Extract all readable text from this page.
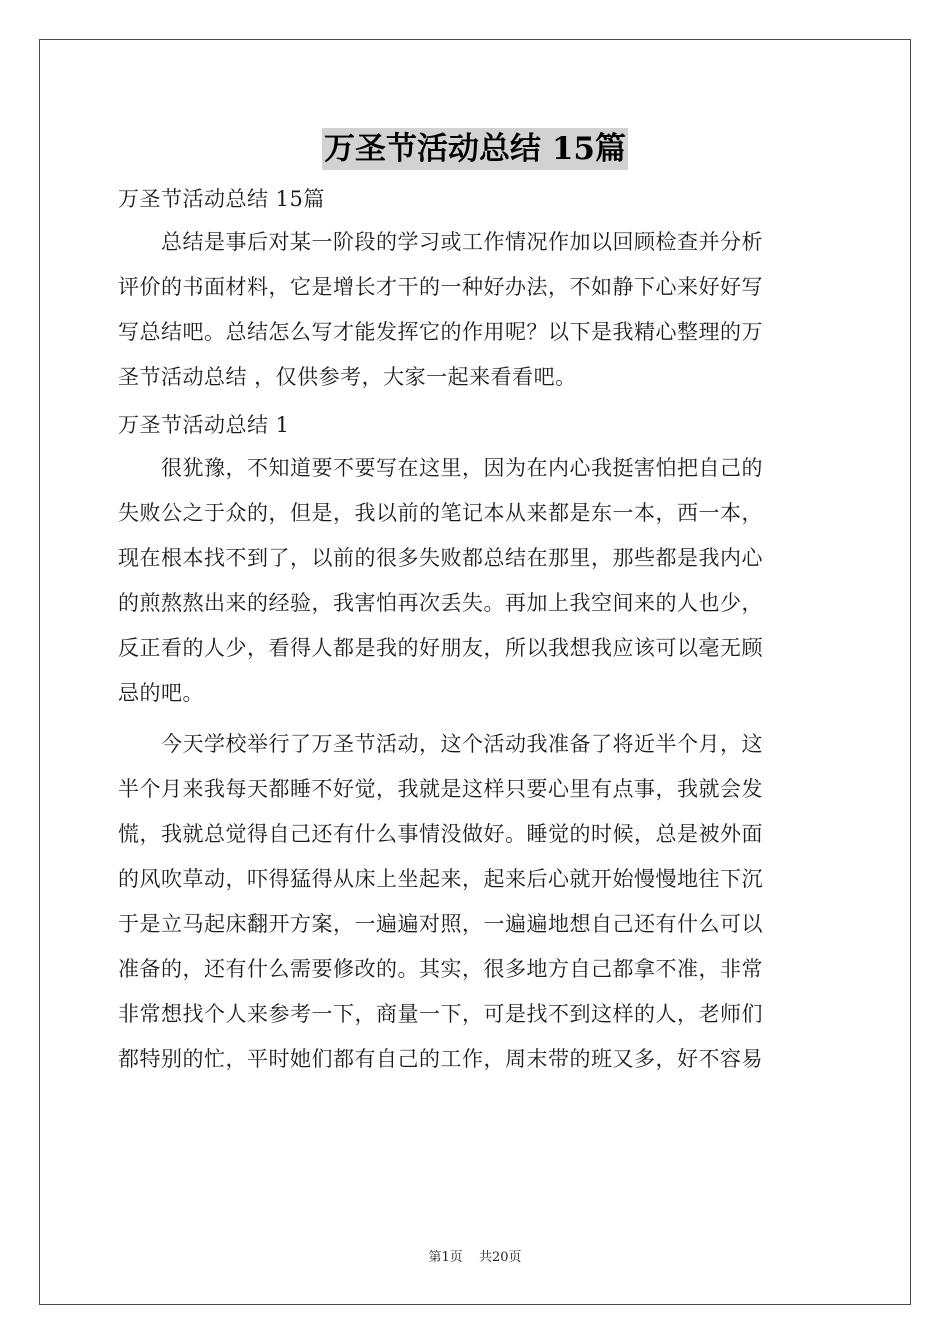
万圣节活动总结 15篇

万圣节活动总结 15篇

　　总结是事后对某一阶段的学习或工作情况作加以回顾检查并分析

评价的书面材料，它是增长才干的一种好办法，不如静下心来好好写

写总结吧。总结怎么写才能发挥它的作用呢？以下是我精心整理的万

圣节活动总结 ，仅供参考，大家一起来看看吧。

万圣节活动总结 1

　　很犹豫，不知道要不要写在这里，因为在内心我挺害怕把自己的

失败公之于众的，但是，我以前的笔记本从来都是东一本，西一本，

现在根本找不到了，以前的很多失败都总结在那里，那些都是我内心

的煎熬熬出来的经验，我害怕再次丢失。再加上我空间来的人也少，

反正看的人少，看得人都是我的好朋友，所以我想我应该可以毫无顾

忌的吧。

　　今天学校举行了万圣节活动，这个活动我准备了将近半个月，这

半个月来我每天都睡不好觉，我就是这样只要心里有点事，我就会发

慌，我就总觉得自己还有什么事情没做好。睡觉的时候，总是被外面

的风吹草动，吓得猛得从床上坐起来，起来后心就开始慢慢地往下沉

于是立马起床翻开方案，一遍遍对照，一遍遍地想自己还有什么可以

准备的，还有什么需要修改的。其实，很多地方自己都拿不准，非常

非常想找个人来参考一下，商量一下，可是找不到这样的人，老师们

都特别的忙，平时她们都有自己的工作，周末带的班又多，好不容易

第1页 共20页
